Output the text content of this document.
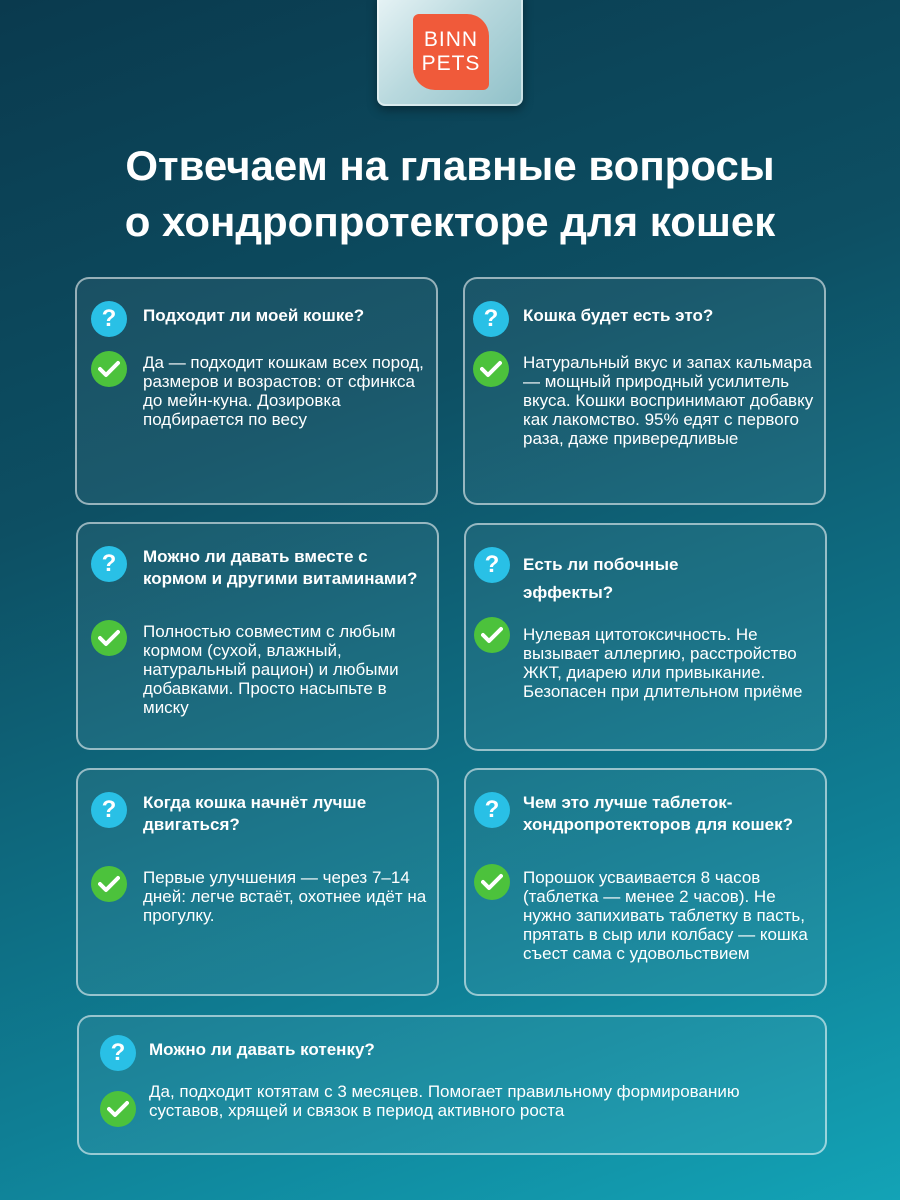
BINN
PETS
Отвечаем на главные вопросы
о хондропротекторе для кошек
?	Подходит ли моей кошке?

Да — подходит кошкам всех пород, размеров и возрастов: от сфинкса до мейн-куна. Дозировка подбирается по весу

?	Кошка будет есть это?

Натуральный вкус и запах кальмара — мощный природный усилитель вкуса. Кошки воспринимают добавку как лакомство. 95% едят с первого раза, даже привередливые

?	Можно ли давать вместе с кормом и другими витаминами?

Полностью совместим с любым кормом (сухой, влажный, натуральный рацион) и любыми добавками. Просто насыпьте в миску

?	Есть ли побочные эффекты?

Нулевая цитотоксичность. Не вызывает аллергию, расстройство ЖКТ, диарею или привыкание. Безопасен при длительном приёме

?	Когда кошка начнёт лучше двигаться?

Первые улучшения — через 7–14 дней: легче встаёт, охотнее идёт на прогулку.

?	Чем это лучше таблеток-хондропротекторов для кошек?

Порошок усваивается 8 часов (таблетка — менее 2 часов). Не нужно запихивать таблетку в пасть, прятать в сыр или колбасу — кошка съест сама с удовольствием

?	Можно ли давать котенку?

Да, подходит котятам с 3 месяцев. Помогает правильному формированию суставов, хрящей и связок в период активного роста
